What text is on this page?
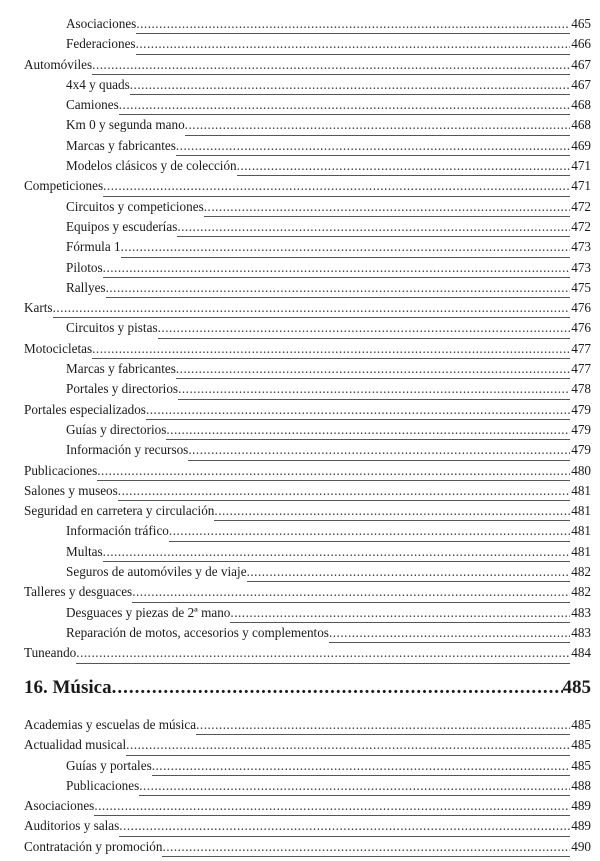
Asociaciones .....	465
Federaciones .....	466
Automóviles .....	467
4x4 y quads .....	467
Camiones .....	468
Km 0 y segunda mano .....	468
Marcas y fabricantes .....	469
Modelos clásicos y de colección .....	471
Competiciones .....	471
Circuitos y competiciones .....	472
Equipos y escuderías .....	472
Fórmula 1 .....	473
Pilotos .....	473
Rallyes .....	475
Karts .....	476
Circuitos y pistas .....	476
Motocicletas .....	477
Marcas y fabricantes .....	477
Portales y directorios .....	478
Portales especializados .....	479
Guías y directorios .....	479
Información y recursos .....	479
Publicaciones .....	480
Salones y museos .....	481
Seguridad en carretera y circulación .....	481
Información tráfico .....	481
Multas .....	481
Seguros de automóviles y de viaje .....	482
Talleres y desguaces .....	482
Desguaces y piezas de 2ª mano .....	483
Reparación de motos, accesorios y complementos .....	483
Tuneando .....	484
16. Música .....	485
Academias y escuelas de música .....	485
Actualidad musical .....	485
Guías y portales .....	485
Publicaciones .....	488
Asociaciones .....	489
Auditorios y salas .....	489
Contratación y promoción .....	490
